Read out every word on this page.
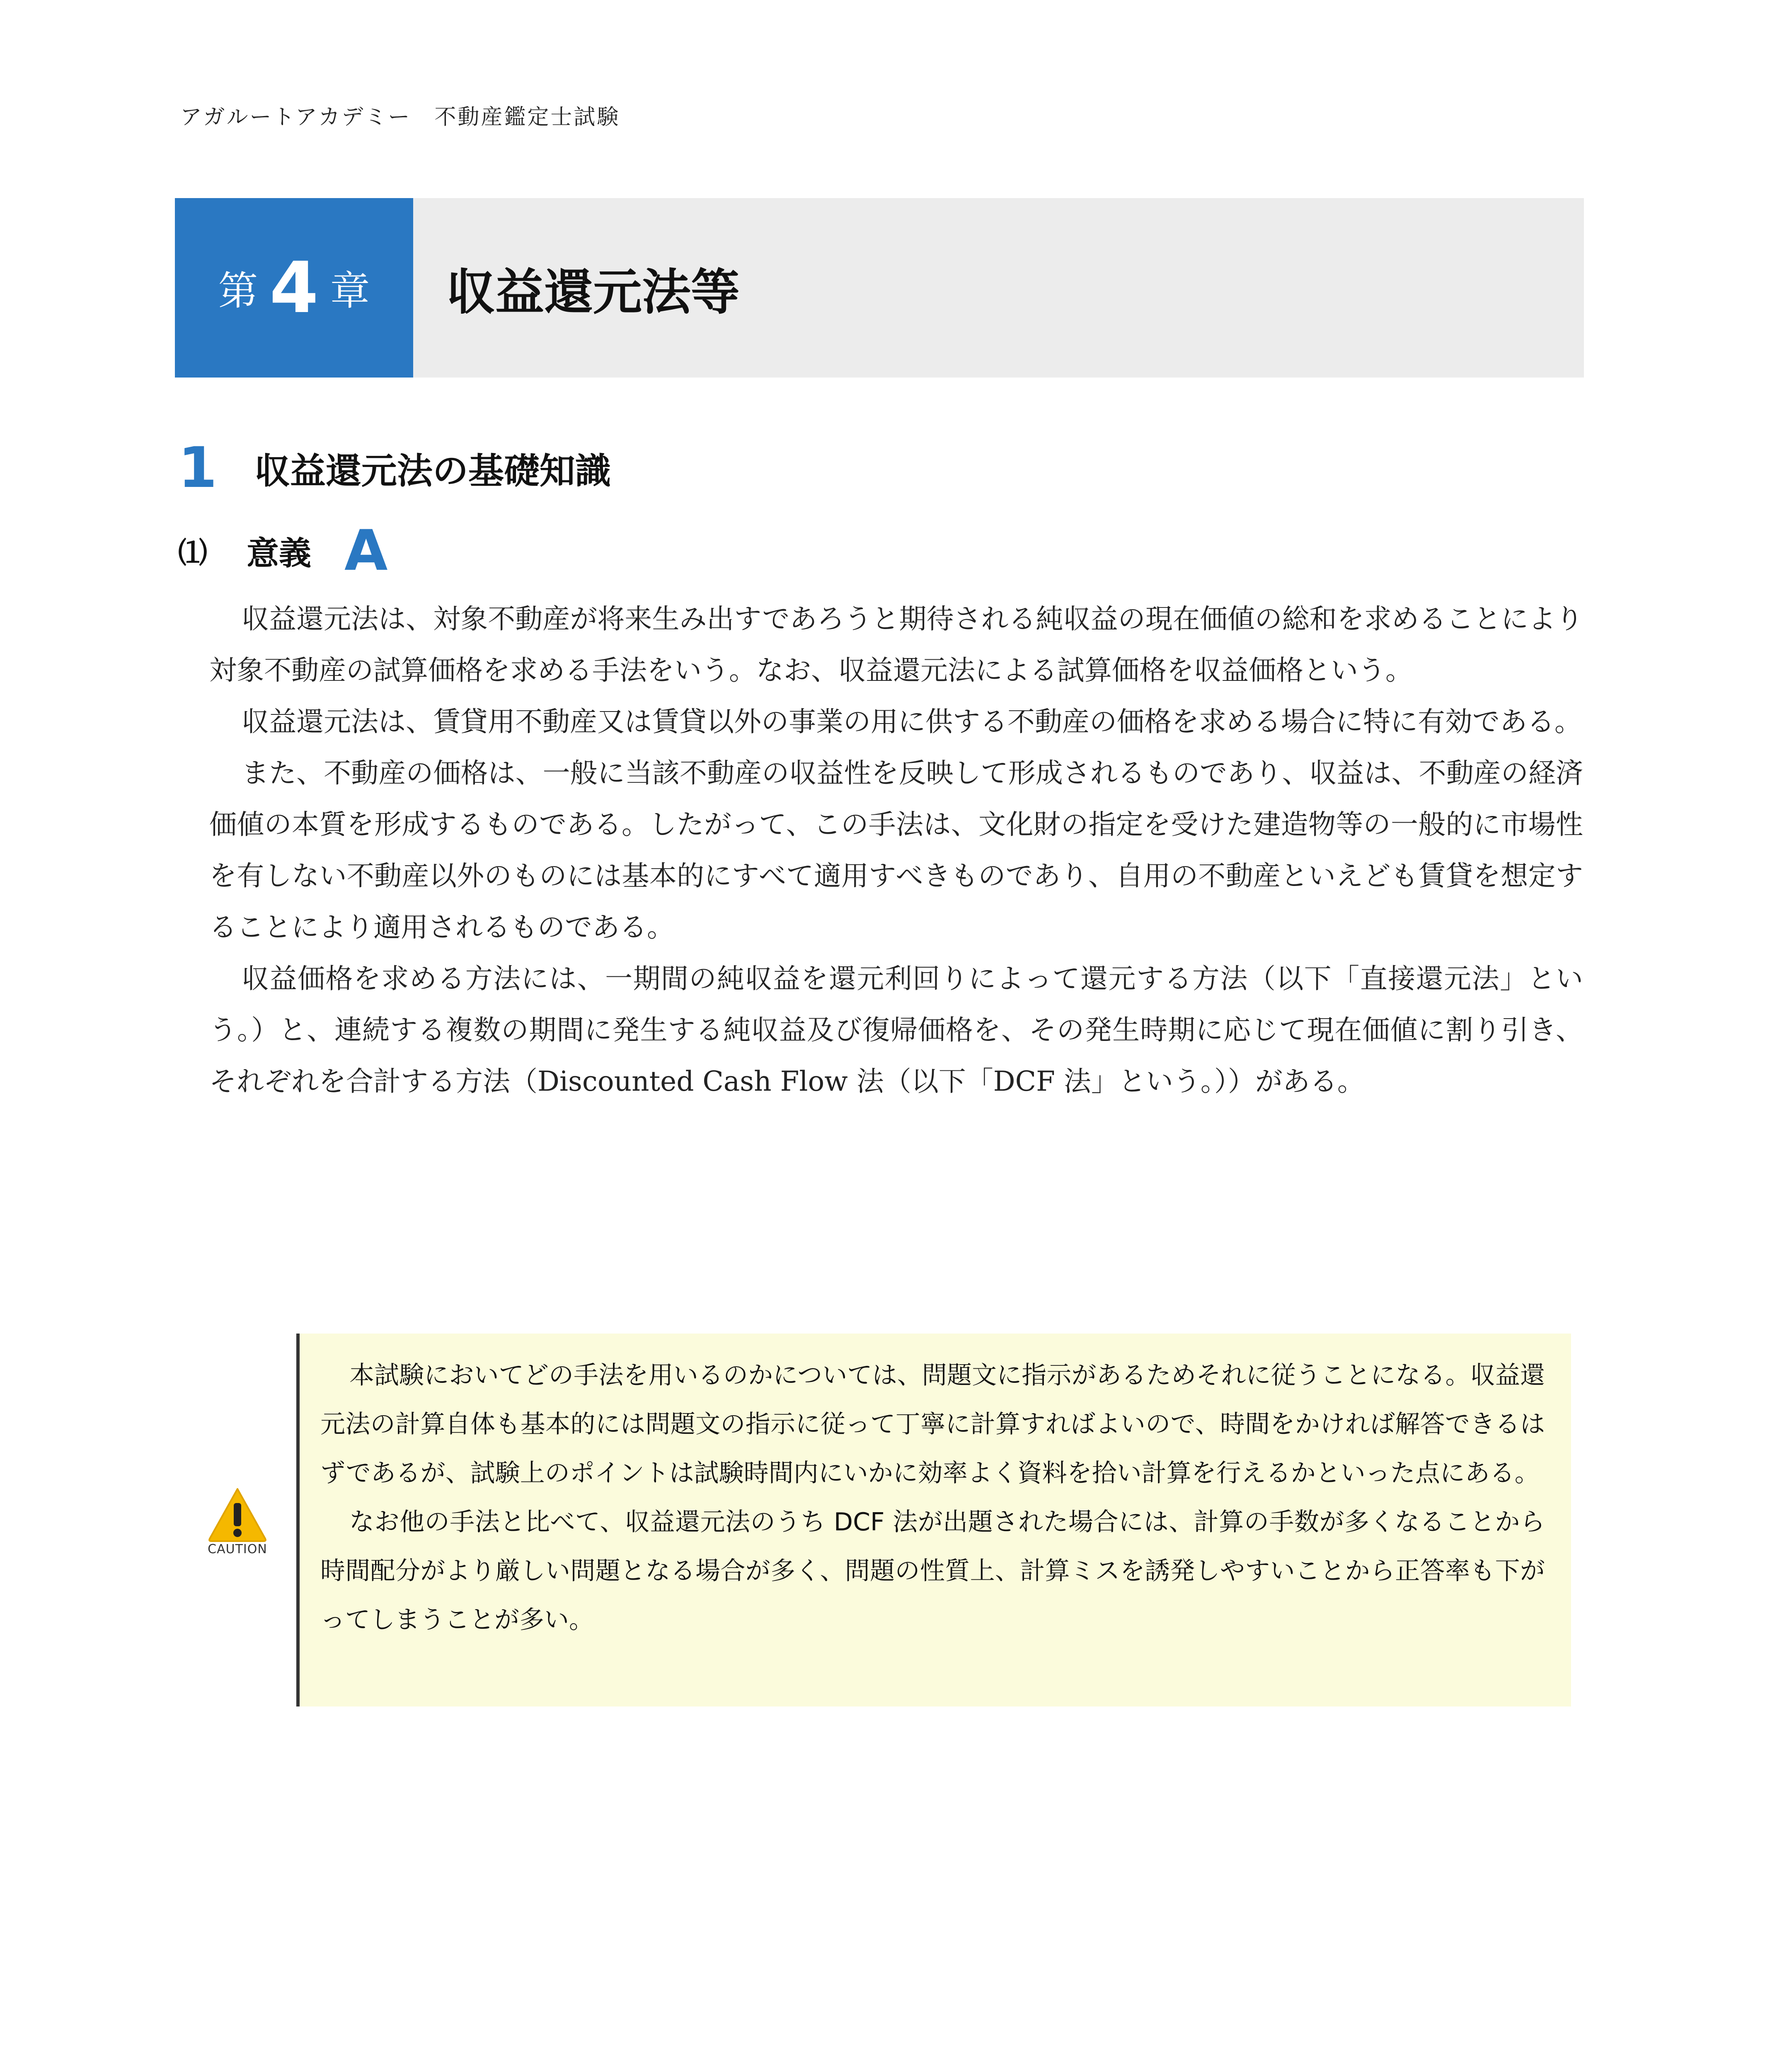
アガルートアカデミー　不動産鑑定士試験
第 4 章 収益還元法等
1 収益還元法の基礎知識
⑴ 意義 A

収益還元法は、対象不動産が将来生み出すであろうと期待される純収益の現在価値の総和を求めることにより対象不動産の試算価格を求める手法をいう。なお、収益還元法による試算価格を収益価格という。

収益還元法は、賃貸用不動産又は賃貸以外の事業の用に供する不動産の価格を求める場合に特に有効である。

また、不動産の価格は、一般に当該不動産の収益性を反映して形成されるものであり、収益は、不動産の経済価値の本質を形成するものである。したがって、この手法は、文化財の指定を受けた建造物等の一般的に市場性を有しない不動産以外のものには基本的にすべて適用すべきものであり、自用の不動産といえども賃貸を想定することにより適用されるものである。

収益価格を求める方法には、一期間の純収益を還元利回りによって還元する方法（以下「直接還元法」という。）と、連続する複数の期間に発生する純収益及び復帰価格を、その発生時期に応じて現在価値に割り引き、それぞれを合計する方法（Discounted Cash Flow 法（以下「DCF 法」という。））がある。

CAUTION

本試験においてどの手法を用いるのかについては、問題文に指示があるためそれに従うことになる。収益還元法の計算自体も基本的には問題文の指示に従って丁寧に計算すればよいので、時間をかければ解答できるはずであるが、試験上のポイントは試験時間内にいかに効率よく資料を拾い計算を行えるかといった点にある。

なお他の手法と比べて、収益還元法のうち DCF 法が出題された場合には、計算の手数が多くなることから時間配分がより厳しい問題となる場合が多く、問題の性質上、計算ミスを誘発しやすいことから正答率も下がってしまうことが多い。
